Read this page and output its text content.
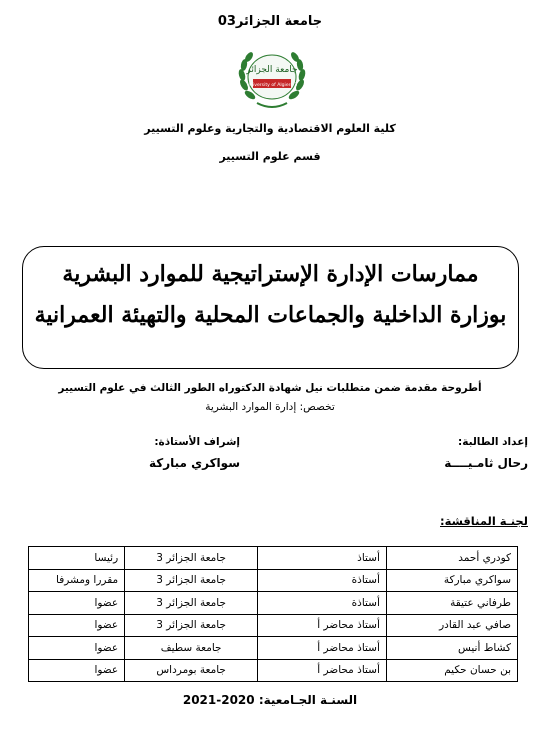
جامعة الجزائر03
جامعة الجزائر
University of Algiers 3
كلية العلوم الاقتصادية والتجارية وعلوم التسيير
قسم علوم التسيير
ممارسات الإدارة الإستراتيجية للموارد البشرية
بوزارة الداخلية والجماعات المحلية والتهيئة العمرانية
أطروحة مقدمة ضمن متطلبات نيل شهادة الدكتوراه الطور الثالث في علوم التسيير
تخصص: إدارة الموارد البشرية
إعداد الطالبة:
إشراف الأستاذة:
رحال ثامـيــــة
سواكري مباركة
لجنـة المناقشة:
كودري أحمد	أستاذ	جامعة الجزائر 3	رئيسا
سواكري مباركة	أستاذة	جامعة الجزائر 3	مقررا ومشرفا
طرفاني عتيقة	أستاذة	جامعة الجزائر 3	عضوا
صافي عبد القادر	أستاذ محاضر أ	جامعة الجزائر 3	عضوا
كشاط أنيس	أستاذ محاضر أ	جامعة سطيف	عضوا
بن حسان حكيم	أستاذ محاضر أ	جامعة بومرداس	عضوا
السنـة الجـامعية: 2020-2021
